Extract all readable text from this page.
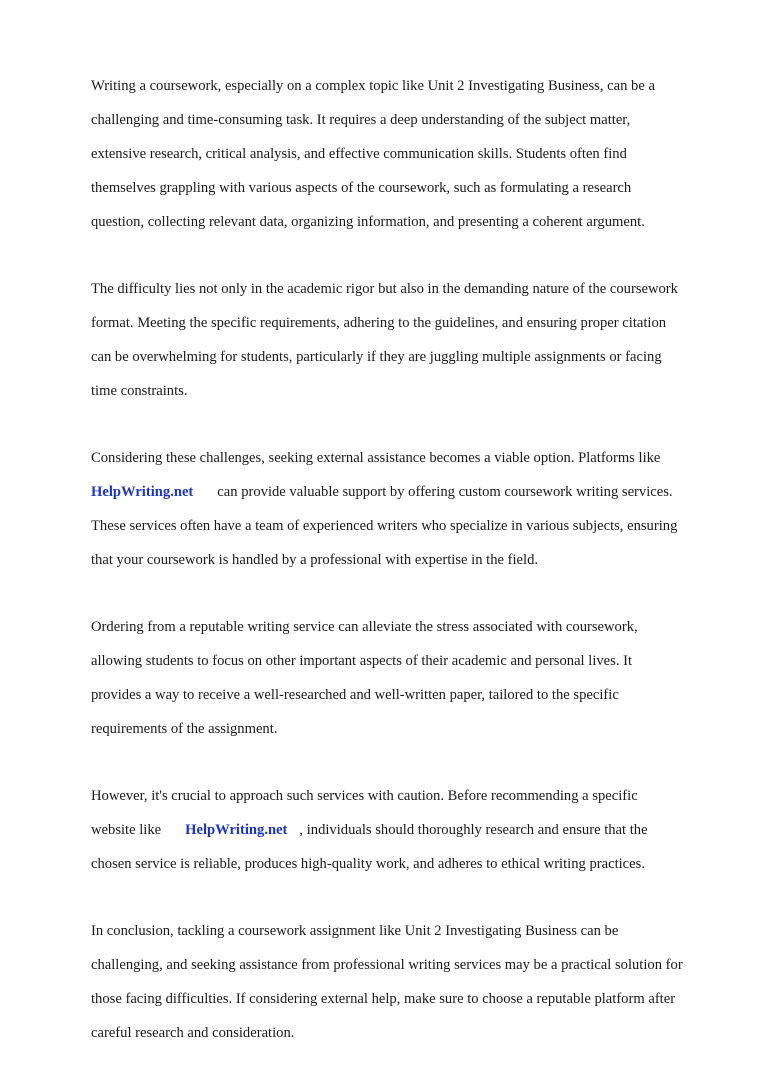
Writing a coursework, especially on a complex topic like Unit 2 Investigating Business, can be a

challenging and time-consuming task. It requires a deep understanding of the subject matter,

extensive research, critical analysis, and effective communication skills. Students often find

themselves grappling with various aspects of the coursework, such as formulating a research

question, collecting relevant data, organizing information, and presenting a coherent argument.

The difficulty lies not only in the academic rigor but also in the demanding nature of the coursework

format. Meeting the specific requirements, adhering to the guidelines, and ensuring proper citation

can be overwhelming for students, particularly if they are juggling multiple assignments or facing

time constraints.

Considering these challenges, seeking external assistance becomes a viable option. Platforms like

HelpWriting.net can provide valuable support by offering custom coursework writing services.

These services often have a team of experienced writers who specialize in various subjects, ensuring

that your coursework is handled by a professional with expertise in the field.

Ordering from a reputable writing service can alleviate the stress associated with coursework,

allowing students to focus on other important aspects of their academic and personal lives. It

provides a way to receive a well-researched and well-written paper, tailored to the specific

requirements of the assignment.

However, it's crucial to approach such services with caution. Before recommending a specific

website like HelpWriting.net , individuals should thoroughly research and ensure that the

chosen service is reliable, produces high-quality work, and adheres to ethical writing practices.

In conclusion, tackling a coursework assignment like Unit 2 Investigating Business can be

challenging, and seeking assistance from professional writing services may be a practical solution for

those facing difficulties. If considering external help, make sure to choose a reputable platform after

careful research and consideration.
